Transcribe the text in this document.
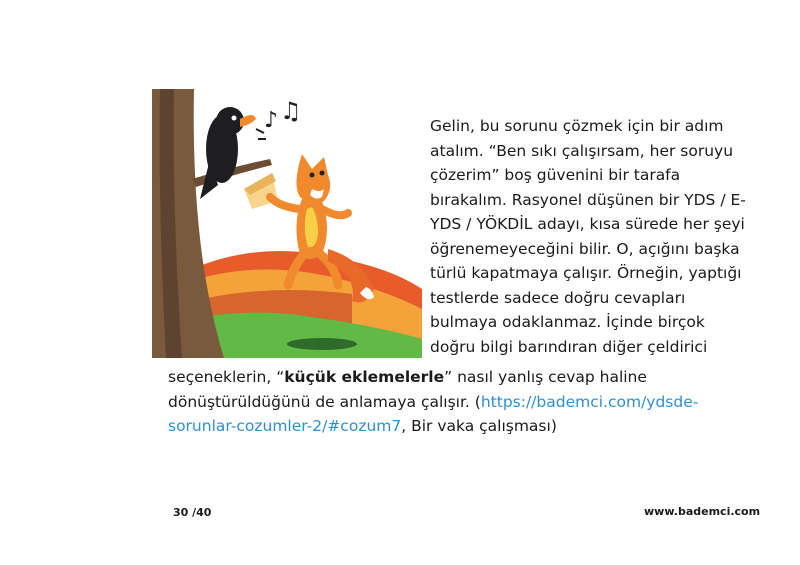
♪ ♫
Gelin, bu sorunu çözmek için bir adım
atalım. “Ben sıkı çalışırsam, her soruyu
çözerim” boş güvenini bir tarafa
bırakalım. Rasyonel düşünen bir YDS / E-
YDS / YÖKDİL adayı, kısa sürede her şeyi
öğrenemeyeceğini bilir. O, açığını başka
türlü kapatmaya çalışır. Örneğin, yaptığı
testlerde sadece doğru cevapları
bulmaya odaklanmaz. İçinde birçok
doğru bilgi barındıran diğer çeldirici
seçeneklerin, “küçük eklemelerle” nasıl yanlış cevap haline
dönüştürüldüğünü de anlamaya çalışır. (https://bademci.com/ydsde-
sorunlar-cozumler-2/#cozum7, Bir vaka çalışması)
30 /40	www.bademci.com
